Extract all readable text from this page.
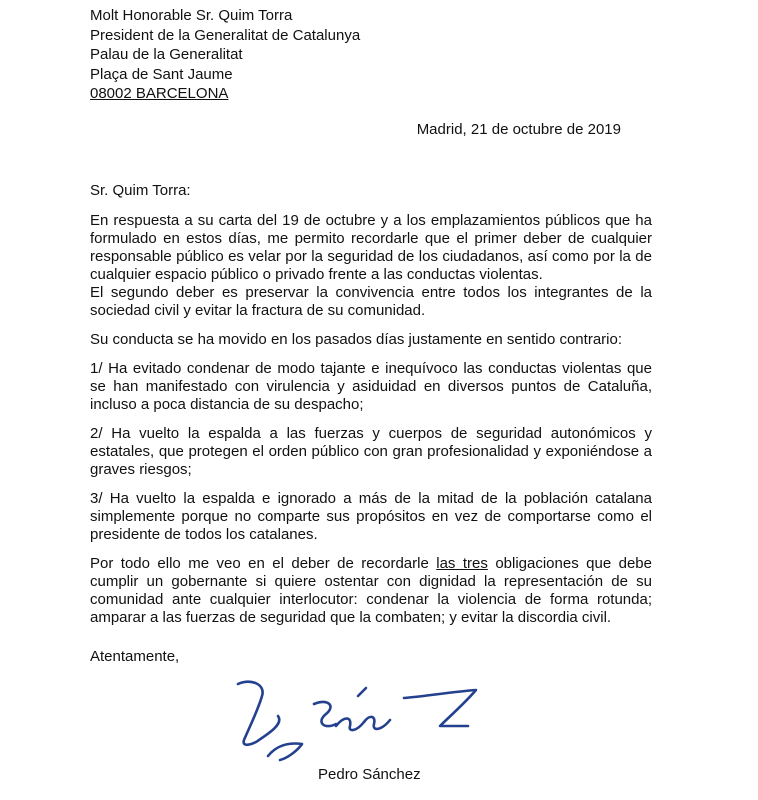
Molt Honorable Sr. Quim Torra
President de la Generalitat de Catalunya
Palau de la Generalitat
Plaça de Sant Jaume
08002 BARCELONA
Madrid, 21 de octubre de 2019
Sr. Quim Torra:

En respuesta a su carta del 19 de octubre y a los emplazamientos públicos que ha formulado en estos días, me permito recordarle que el primer deber de cualquier responsable público es velar por la seguridad de los ciudadanos, así como por la de cualquier espacio público o privado frente a las conductas violentas.

El segundo deber es preservar la convivencia entre todos los integrantes de la sociedad civil y evitar la fractura de su comunidad.

Su conducta se ha movido en los pasados días justamente en sentido contrario:

1/ Ha evitado condenar de modo tajante e inequívoco las conductas violentas que se han manifestado con virulencia y asiduidad en diversos puntos de Cataluña, incluso a poca distancia de su despacho;

2/ Ha vuelto la espalda a las fuerzas y cuerpos de seguridad autonómicos y estatales, que protegen el orden público con gran profesionalidad y exponiéndose a graves riesgos;

3/ Ha vuelto la espalda e ignorado a más de la mitad de la población catalana simplemente porque no comparte sus propósitos en vez de comportarse como el presidente de todos los catalanes.

Por todo ello me veo en el deber de recordarle las tres obligaciones que debe cumplir un gobernante si quiere ostentar con dignidad la representación de su comunidad ante cualquier interlocutor: condenar la violencia de forma rotunda; amparar a las fuerzas de seguridad que la combaten; y evitar la discordia civil.

Atentamente,
Pedro Sánchez
